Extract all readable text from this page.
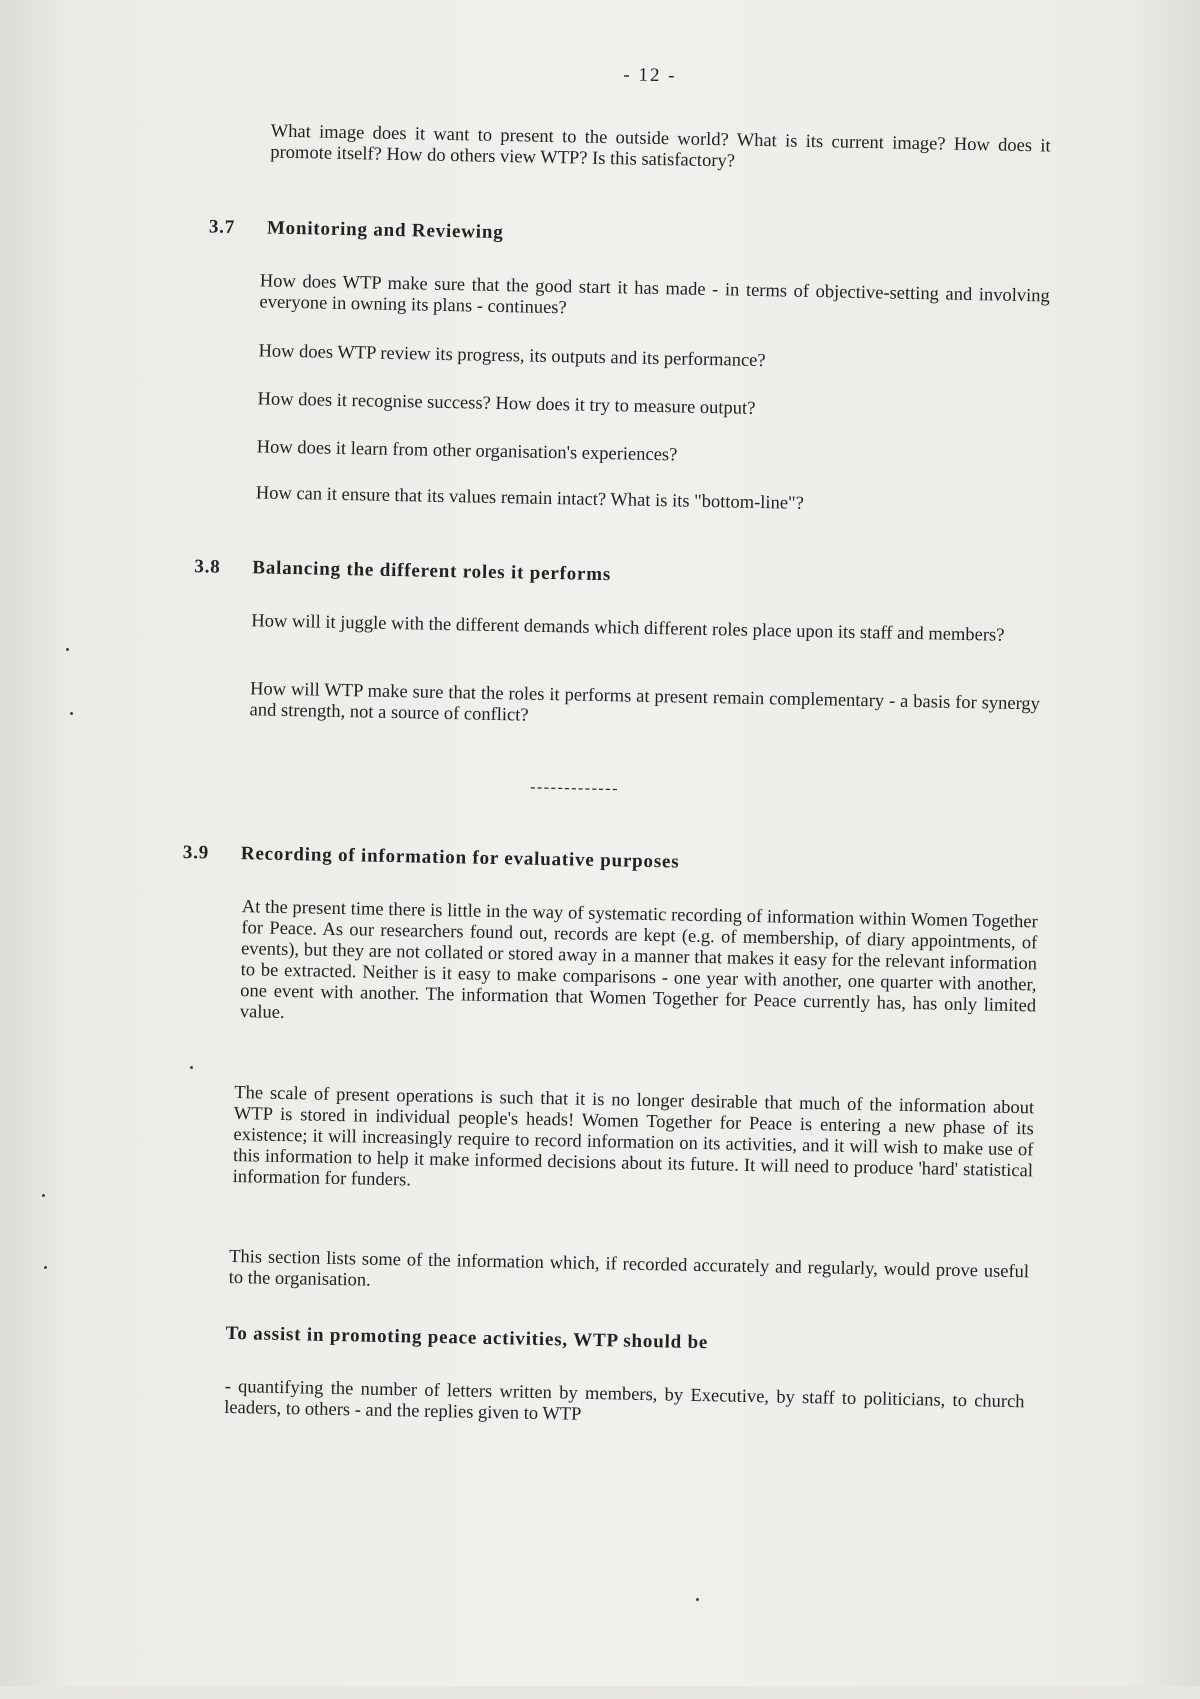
- 12 -

What image does it want to present to the outside world? What is its current image? How does it promote itself? How do others view WTP? Is this satisfactory?

3.7 Monitoring and Reviewing

How does WTP make sure that the good start it has made - in terms of objective-setting and involving everyone in owning its plans - continues?

How does WTP review its progress, its outputs and its performance?

How does it recognise success? How does it try to measure output?

How does it learn from other organisation's experiences?

How can it ensure that its values remain intact? What is its "bottom-line"?

3.8 Balancing the different roles it performs

How will it juggle with the different demands which different roles place upon its staff and members?

How will WTP make sure that the roles it performs at present remain complementary - a basis for synergy and strength, not a source of conflict?

-------------
3.9 Recording of information for evaluative purposes

At the present time there is little in the way of systematic recording of information within Women Together for Peace. As our researchers found out, records are kept (e.g. of membership, of diary appointments, of events), but they are not collated or stored away in a manner that makes it easy for the relevant information to be extracted. Neither is it easy to make comparisons - one year with another, one quarter with another, one event with another. The information that Women Together for Peace currently has, has only limited value.

The scale of present operations is such that it is no longer desirable that much of the information about WTP is stored in individual people's heads! Women Together for Peace is entering a new phase of its existence; it will increasingly require to record information on its activities, and it will wish to make use of this information to help it make informed decisions about its future. It will need to produce 'hard' statistical information for funders.

This section lists some of the information which, if recorded accurately and regularly, would prove useful to the organisation.

To assist in promoting peace activities, WTP should be

- quantifying the number of letters written by members, by Executive, by staff to politicians, to church leaders, to others - and the replies given to WTP
